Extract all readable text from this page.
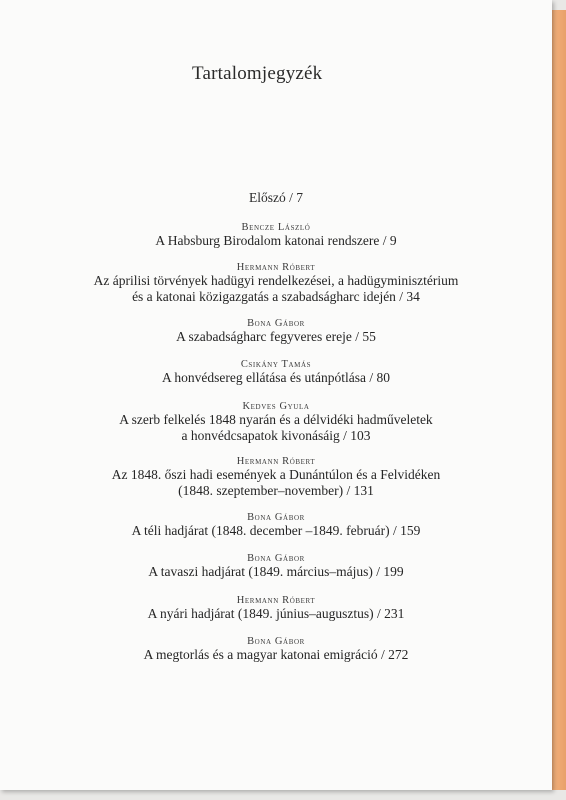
Tartalomjegyzék
Előszó / 7
Bencze László
A Habsburg Birodalom katonai rendszere / 9
Hermann Róbert
Az áprilisi törvények hadügyi rendelkezései, a hadügyminisztérium
és a katonai közigazgatás a szabadságharc idején / 34
Bona Gábor
A szabadságharc fegyveres ereje / 55
Csikány Tamás
A honvédsereg ellátása és utánpótlása / 80
Kedves Gyula
A szerb felkelés 1848 nyarán és a délvidéki hadműveletek
a honvédcsapatok kivonásáig / 103
Hermann Róbert
Az 1848. őszi hadi események a Dunántúlon és a Felvidéken
(1848. szeptember–november) / 131
Bona Gábor
A téli hadjárat (1848. december –1849. február) / 159
Bona Gábor
A tavaszi hadjárat (1849. március–május) / 199
Hermann Róbert
A nyári hadjárat (1849. június–augusztus) / 231
Bona Gábor
A megtorlás és a magyar katonai emigráció / 272
